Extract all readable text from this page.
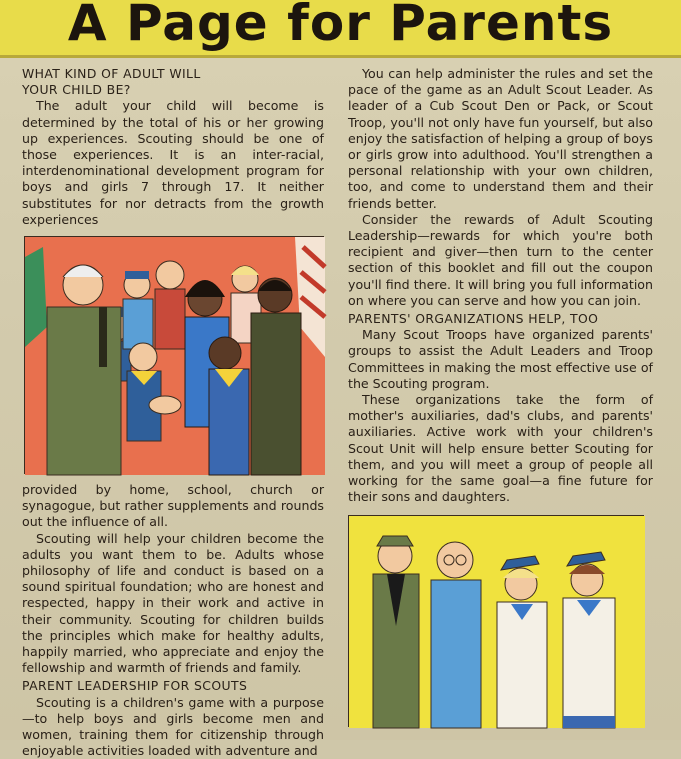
A Page for Parents
WHAT KIND OF ADULT WILL YOUR CHILD BE?
The adult your child will become is determined by the total of his or her growing up experiences. Scouting should be one of those experiences. It is an inter-racial, interdenominational development program for boys and girls 7 through 17. It neither substitutes for nor detracts from the growth experiences
provided by home, school, church or synagogue, but rather supplements and rounds out the influence of all.
Scouting will help your children become the adults you want them to be. Adults whose philosophy of life and conduct is based on a sound spiritual foundation; who are honest and respected, happy in their work and active in their community. Scouting for children builds the principles which make for healthy adults, happily married, who appreciate and enjoy the fellowship and warmth of friends and family.
PARENT LEADERSHIP FOR SCOUTS
Scouting is a children's game with a purpose—to help boys and girls become men and women, training them for citizenship through enjoyable activities loaded with adventure and
You can help administer the rules and set the pace of the game as an Adult Scout Leader. As leader of a Cub Scout Den or Pack, or Scout Troop, you'll not only have fun yourself, but also enjoy the satisfaction of helping a group of boys or girls grow into adulthood. You'll strengthen a personal relationship with your own children, too, and come to understand them and their friends better.
Consider the rewards of Adult Scouting Leadership—rewards for which you're both recipient and giver—then turn to the center section of this booklet and fill out the coupon you'll find there. It will bring you full information on where you can serve and how you can join.
PARENTS' ORGANIZATIONS HELP, TOO
Many Scout Troops have organized parents' groups to assist the Adult Leaders and Troop Committees in making the most effective use of the Scouting program.
These organizations take the form of mother's auxiliaries, dad's clubs, and parents' auxiliaries. Active work with your children's Scout Unit will help ensure better Scouting for them, and you will meet a group of people all working for the same goal—a fine future for their sons and daughters.
